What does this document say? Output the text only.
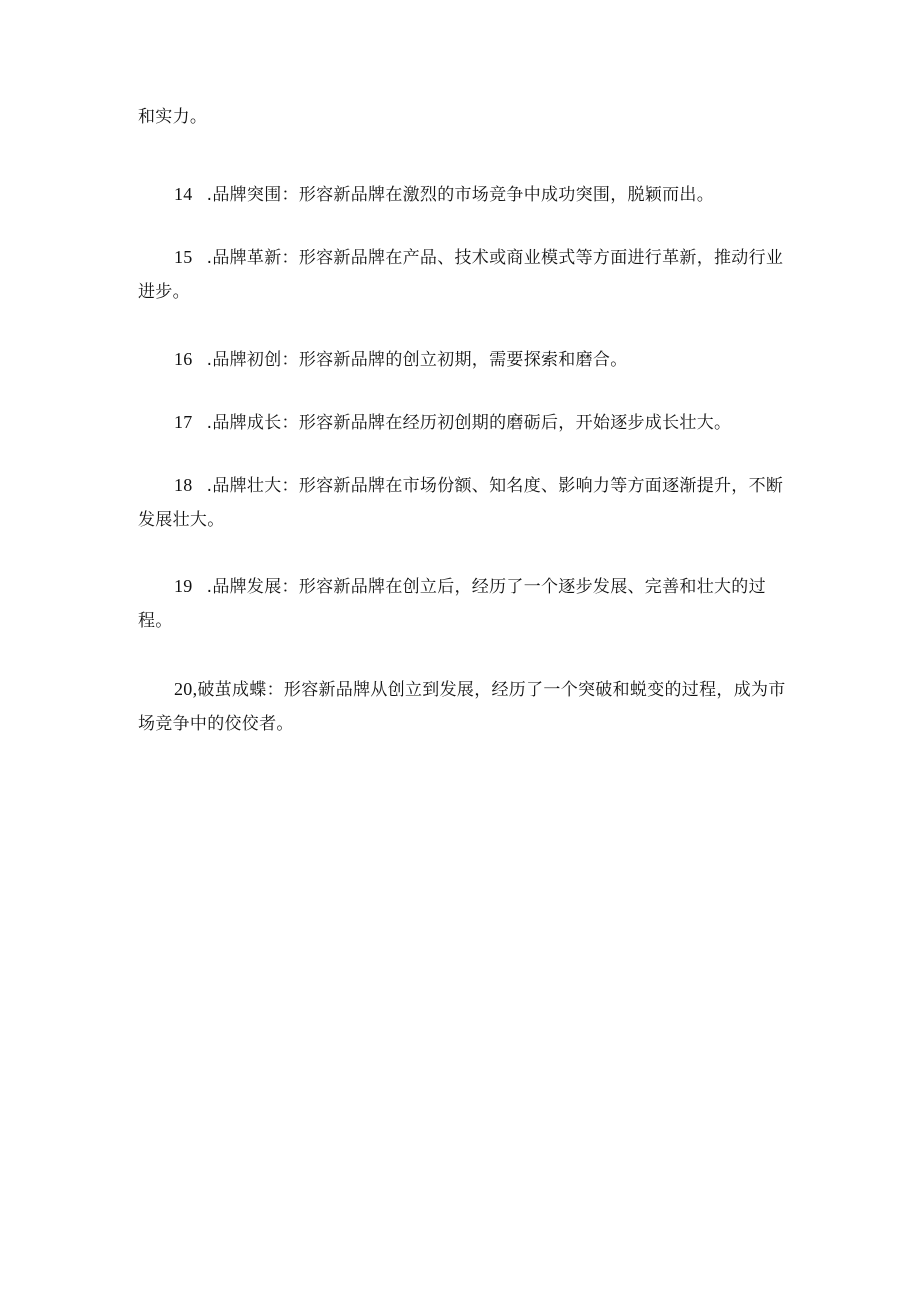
和实力。

14 .品牌突围：形容新品牌在激烈的市场竞争中成功突围，脱颖而出。

15 .品牌革新：形容新品牌在产品、技术或商业模式等方面进行革新，推动行业进步。

16 .品牌初创：形容新品牌的创立初期，需要探索和磨合。

17 .品牌成长：形容新品牌在经历初创期的磨砺后，开始逐步成长壮大。

18 .品牌壮大：形容新品牌在市场份额、知名度、影响力等方面逐渐提升，不断发展壮大。

19 .品牌发展：形容新品牌在创立后，经历了一个逐步发展、完善和壮大的过程。

20,破茧成蝶：形容新品牌从创立到发展，经历了一个突破和蜕变的过程，成为市场竞争中的佼佼者。
